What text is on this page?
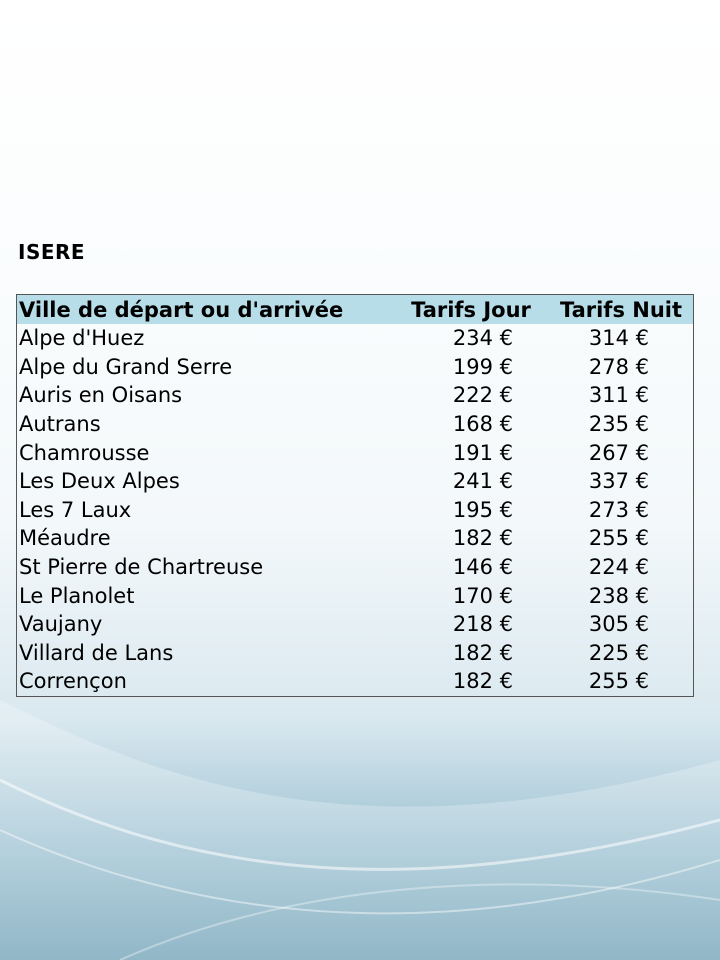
ISERE
Ville de départ ou d'arrivée	Tarifs Jour	Tarifs Nuit
Alpe d'Huez	234 €	314 €
Alpe du Grand Serre	199 €	278 €
Auris en Oisans	222 €	311 €
Autrans	168 €	235 €
Chamrousse	191 €	267 €
Les Deux Alpes	241 €	337 €
Les 7 Laux	195 €	273 €
Méaudre	182 €	255 €
St Pierre de Chartreuse	146 €	224 €
Le Planolet	170 €	238 €
Vaujany	218 €	305 €
Villard de Lans	182 €	225 €
Corrençon	182 €	255 €
